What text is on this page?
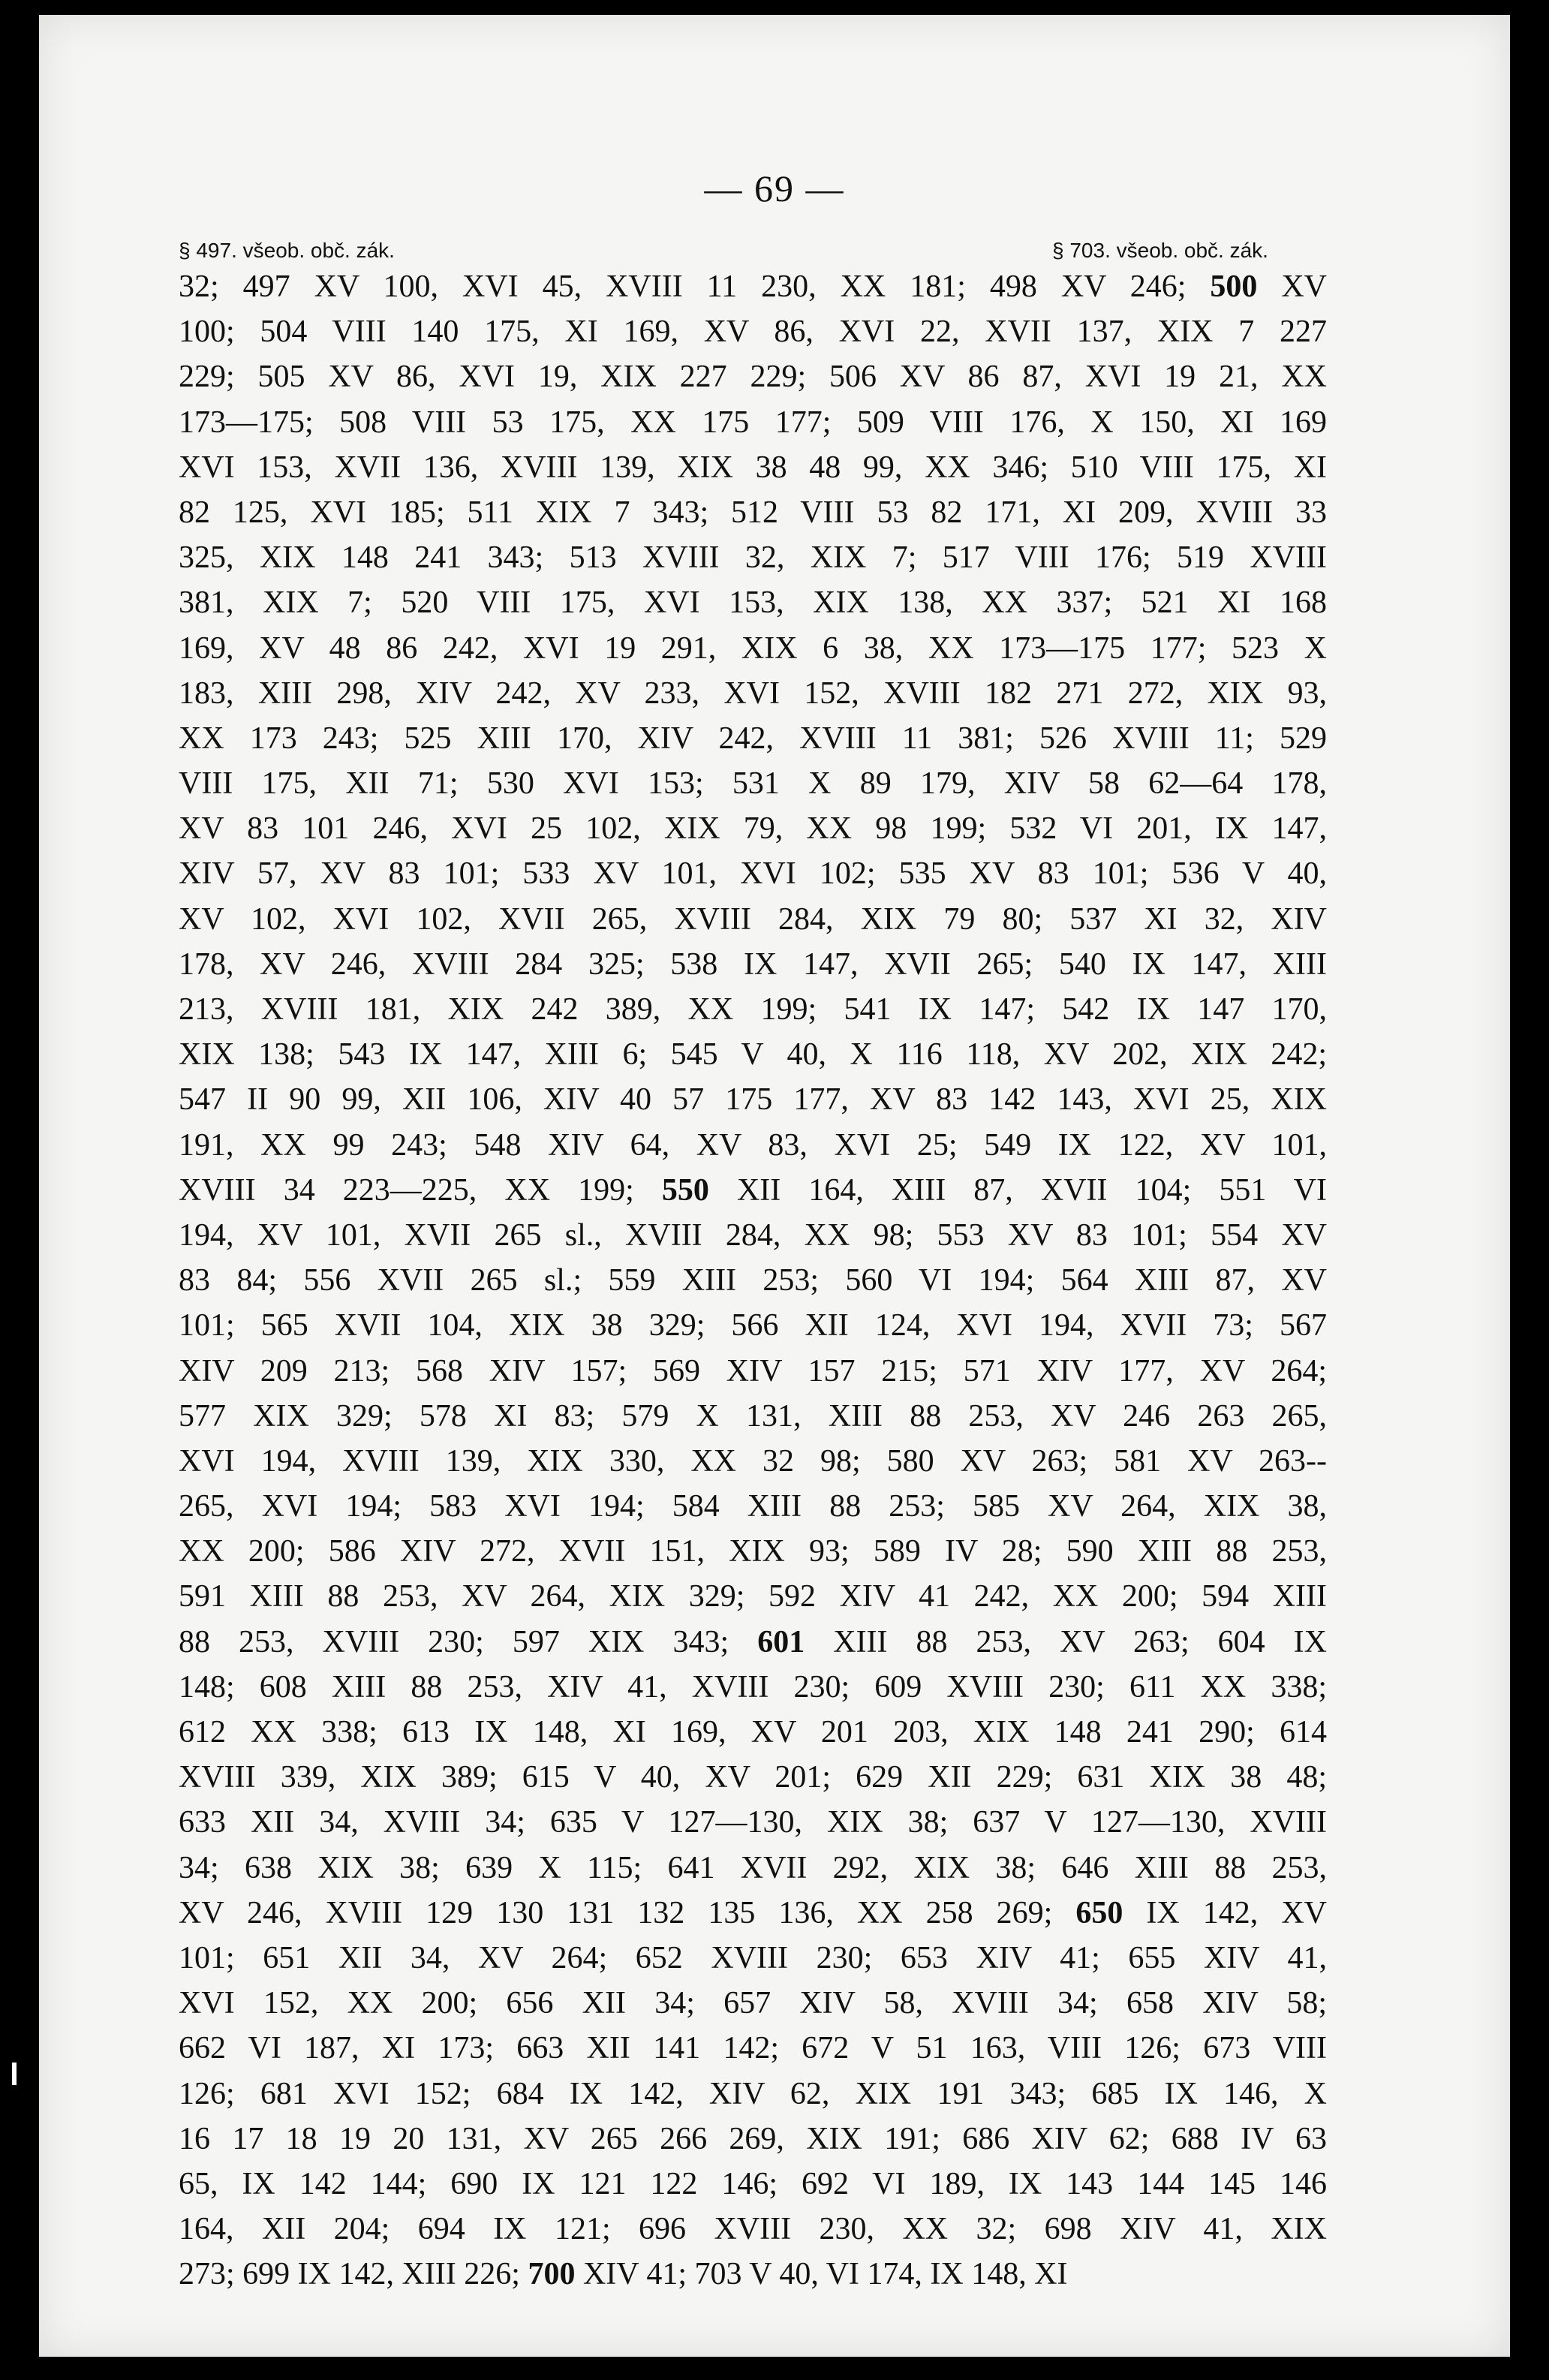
— 69 —
§ 497. všeob. obč. zák.	§ 703. všeob. obč. zák.
32; 497 XV 100, XVI 45, XVIII 11 230, XX 181; 498 XV 246; 500 XV
100; 504 VIII 140 175, XI 169, XV 86, XVI 22, XVII 137, XIX 7 227
229; 505 XV 86, XVI 19, XIX 227 229; 506 XV 86 87, XVI 19 21, XX
173—175; 508 VIII 53 175, XX 175 177; 509 VIII 176, X 150, XI 169
XVI 153, XVII 136, XVIII 139, XIX 38 48 99, XX 346; 510 VIII 175, XI
82 125, XVI 185; 511 XIX 7 343; 512 VIII 53 82 171, XI 209, XVIII 33
325, XIX 148 241 343; 513 XVIII 32, XIX 7; 517 VIII 176; 519 XVIII
381, XIX 7; 520 VIII 175, XVI 153, XIX 138, XX 337; 521 XI 168
169, XV 48 86 242, XVI 19 291, XIX 6 38, XX 173—175 177; 523 X
183, XIII 298, XIV 242, XV 233, XVI 152, XVIII 182 271 272, XIX 93,
XX 173 243; 525 XIII 170, XIV 242, XVIII 11 381; 526 XVIII 11; 529
VIII 175, XII 71; 530 XVI 153; 531 X 89 179, XIV 58 62—64 178,
XV 83 101 246, XVI 25 102, XIX 79, XX 98 199; 532 VI 201, IX 147,
XIV 57, XV 83 101; 533 XV 101, XVI 102; 535 XV 83 101; 536 V 40,
XV 102, XVI 102, XVII 265, XVIII 284, XIX 79 80; 537 XI 32, XIV
178, XV 246, XVIII 284 325; 538 IX 147, XVII 265; 540 IX 147, XIII
213, XVIII 181, XIX 242 389, XX 199; 541 IX 147; 542 IX 147 170,
XIX 138; 543 IX 147, XIII 6; 545 V 40, X 116 118, XV 202, XIX 242;
547 II 90 99, XII 106, XIV 40 57 175 177, XV 83 142 143, XVI 25, XIX
191, XX 99 243; 548 XIV 64, XV 83, XVI 25; 549 IX 122, XV 101,
XVIII 34 223—225, XX 199; 550 XII 164, XIII 87, XVII 104; 551 VI
194, XV 101, XVII 265 sl., XVIII 284, XX 98; 553 XV 83 101; 554 XV
83 84; 556 XVII 265 sl.; 559 XIII 253; 560 VI 194; 564 XIII 87, XV
101; 565 XVII 104, XIX 38 329; 566 XII 124, XVI 194, XVII 73; 567
XIV 209 213; 568 XIV 157; 569 XIV 157 215; 571 XIV 177, XV 264;
577 XIX 329; 578 XI 83; 579 X 131, XIII 88 253, XV 246 263 265,
XVI 194, XVIII 139, XIX 330, XX 32 98; 580 XV 263; 581 XV 263--
265, XVI 194; 583 XVI 194; 584 XIII 88 253; 585 XV 264, XIX 38,
XX 200; 586 XIV 272, XVII 151, XIX 93; 589 IV 28; 590 XIII 88 253,
591 XIII 88 253, XV 264, XIX 329; 592 XIV 41 242, XX 200; 594 XIII
88 253, XVIII 230; 597 XIX 343; 601 XIII 88 253, XV 263; 604 IX
148; 608 XIII 88 253, XIV 41, XVIII 230; 609 XVIII 230; 611 XX 338;
612 XX 338; 613 IX 148, XI 169, XV 201 203, XIX 148 241 290; 614
XVIII 339, XIX 389; 615 V 40, XV 201; 629 XII 229; 631 XIX 38 48;
633 XII 34, XVIII 34; 635 V 127—130, XIX 38; 637 V 127—130, XVIII
34; 638 XIX 38; 639 X 115; 641 XVII 292, XIX 38; 646 XIII 88 253,
XV 246, XVIII 129 130 131 132 135 136, XX 258 269; 650 IX 142, XV
101; 651 XII 34, XV 264; 652 XVIII 230; 653 XIV 41; 655 XIV 41,
XVI 152, XX 200; 656 XII 34; 657 XIV 58, XVIII 34; 658 XIV 58;
662 VI 187, XI 173; 663 XII 141 142; 672 V 51 163, VIII 126; 673 VIII
126; 681 XVI 152; 684 IX 142, XIV 62, XIX 191 343; 685 IX 146, X
16 17 18 19 20 131, XV 265 266 269, XIX 191; 686 XIV 62; 688 IV 63
65, IX 142 144; 690 IX 121 122 146; 692 VI 189, IX 143 144 145 146
164, XII 204; 694 IX 121; 696 XVIII 230, XX 32; 698 XIV 41, XIX
273; 699 IX 142, XIII 226; 700 XIV 41; 703 V 40, VI 174, IX 148, XI
